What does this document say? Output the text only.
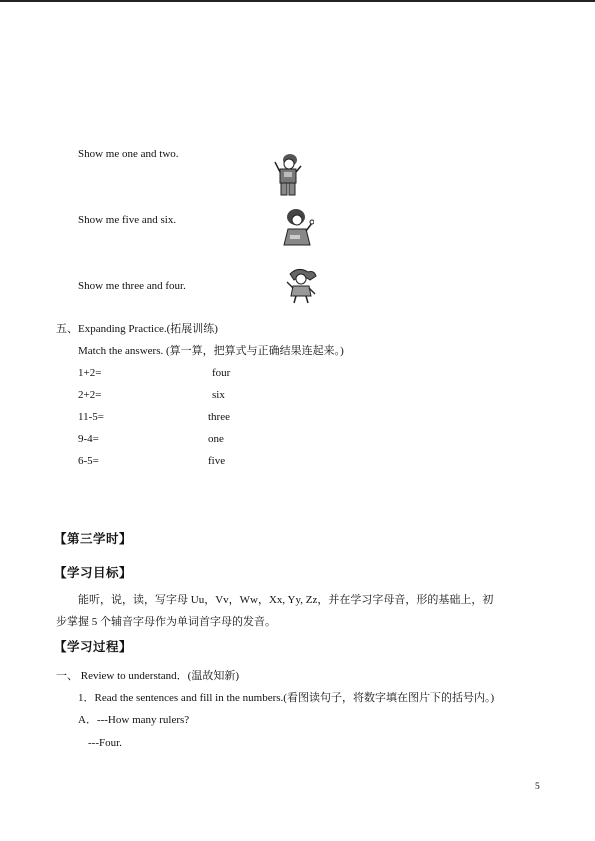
Show me one and two.
Show me five and six.
Show me three and four.
五、Expanding Practice.(拓展训练)
Match the answers. (算一算，把算式与正确结果连起来。)
1+2=
2+2=
11-5=
9-4=
6-5=
four
six
three
one
five
【第三学时】
【学习目标】
能听，说，读，写字母 Uu，Vv，Ww，Xx, Yy, Zz，并在学习字母音，形的基础上，初
步掌握 5 个辅音字母作为单词首字母的发音。
【学习过程】
一、 Review to understand．(温故知新)
1．Read the sentences and fill in the numbers.(看图读句子，将数字填在图片下的括号内。)
A．---How many rulers?
---Four.
5
